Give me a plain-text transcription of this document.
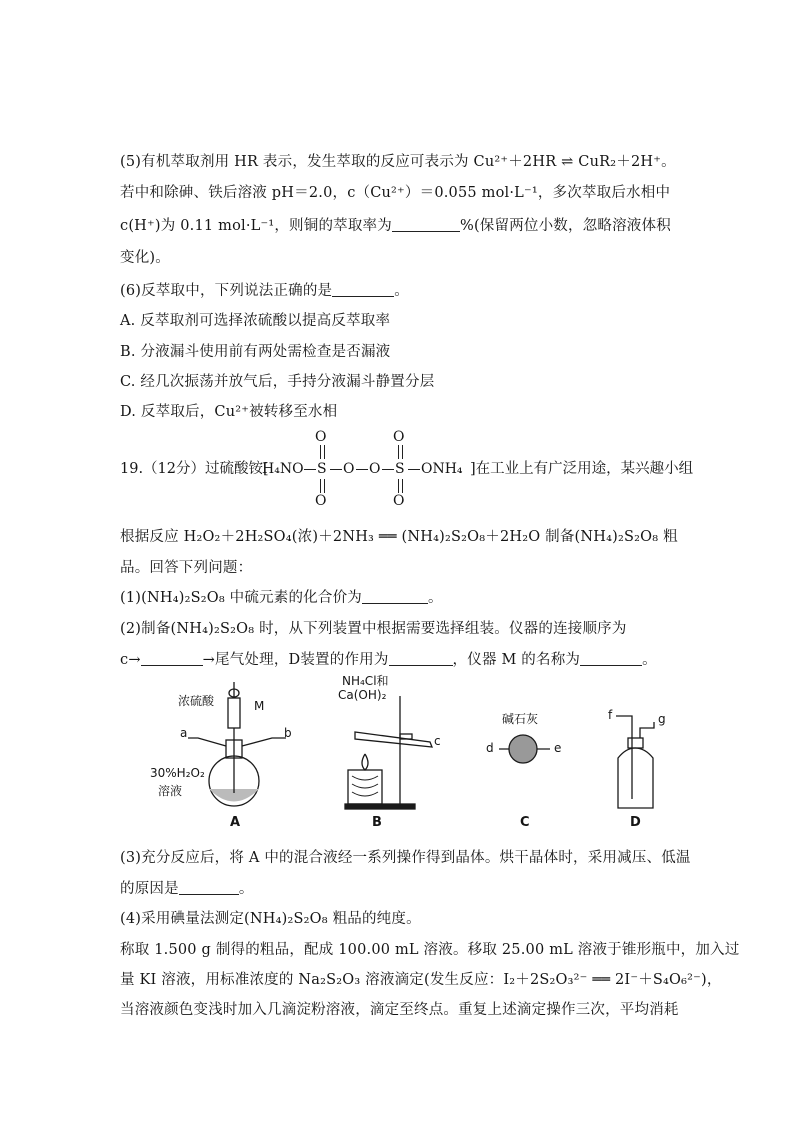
(5)有机萃取剂用 HR 表示，发生萃取的反应可表示为 Cu²⁺＋2HR ⇌ CuR₂＋2H⁺。
若中和除砷、铁后溶液 pH＝2.0，c（Cu²⁺）＝0.055 mol·L⁻¹，多次萃取后水相中
c(H⁺)为 0.11 mol·L⁻¹，则铜的萃取率为	%(保留两位小数，忽略溶液体积
变化)。
(6)反萃取中，下列说法正确的是	。
A. 反萃取剂可选择浓硫酸以提高反萃取率
B. 分液漏斗使用前有两处需检查是否漏液
C. 经几次振荡并放气后，手持分液漏斗静置分层
D. 反萃取后，Cu²⁺被转移至水相
19.（12分）过硫酸铵[
H₄NO S
O
O
O O S
O
O
ONH₄ ]在工业上有广泛用途，某兴趣小组
根据反应 H₂O₂＋2H₂SO₄(浓)＋2NH₃ ══ (NH₄)₂S₂O₈＋2H₂O 制备(NH₄)₂S₂O₈ 粗
品。回答下列问题：
(1)(NH₄)₂S₂O₈ 中硫元素的化合价为	。
(2)制备(NH₄)₂S₂O₈ 时，从下列装置中根据需要选择组装。仪器的连接顺序为
c→	→尾气处理，D装置的作用为	，仪器 M 的名称为	。
浓硫酸	M
a	b
30%H₂O₂
溶液
A
NH₄Cl和
Ca(OH)₂
c
B
碱石灰
d	e
C
f	g
D
(3)充分反应后，将 A 中的混合液经一系列操作得到晶体。烘干晶体时，采用减压、低温
的原因是	。
(4)采用碘量法测定(NH₄)₂S₂O₈ 粗品的纯度。
称取 1.500 g 制得的粗品，配成 100.00 mL 溶液。移取 25.00 mL 溶液于锥形瓶中，加入过
量 KI 溶液，用标准浓度的 Na₂S₂O₃ 溶液滴定(发生反应：I₂＋2S₂O₃²⁻ ══ 2I⁻＋S₄O₆²⁻)，
当溶液颜色变浅时加入几滴淀粉溶液，滴定至终点。重复上述滴定操作三次，平均消耗
